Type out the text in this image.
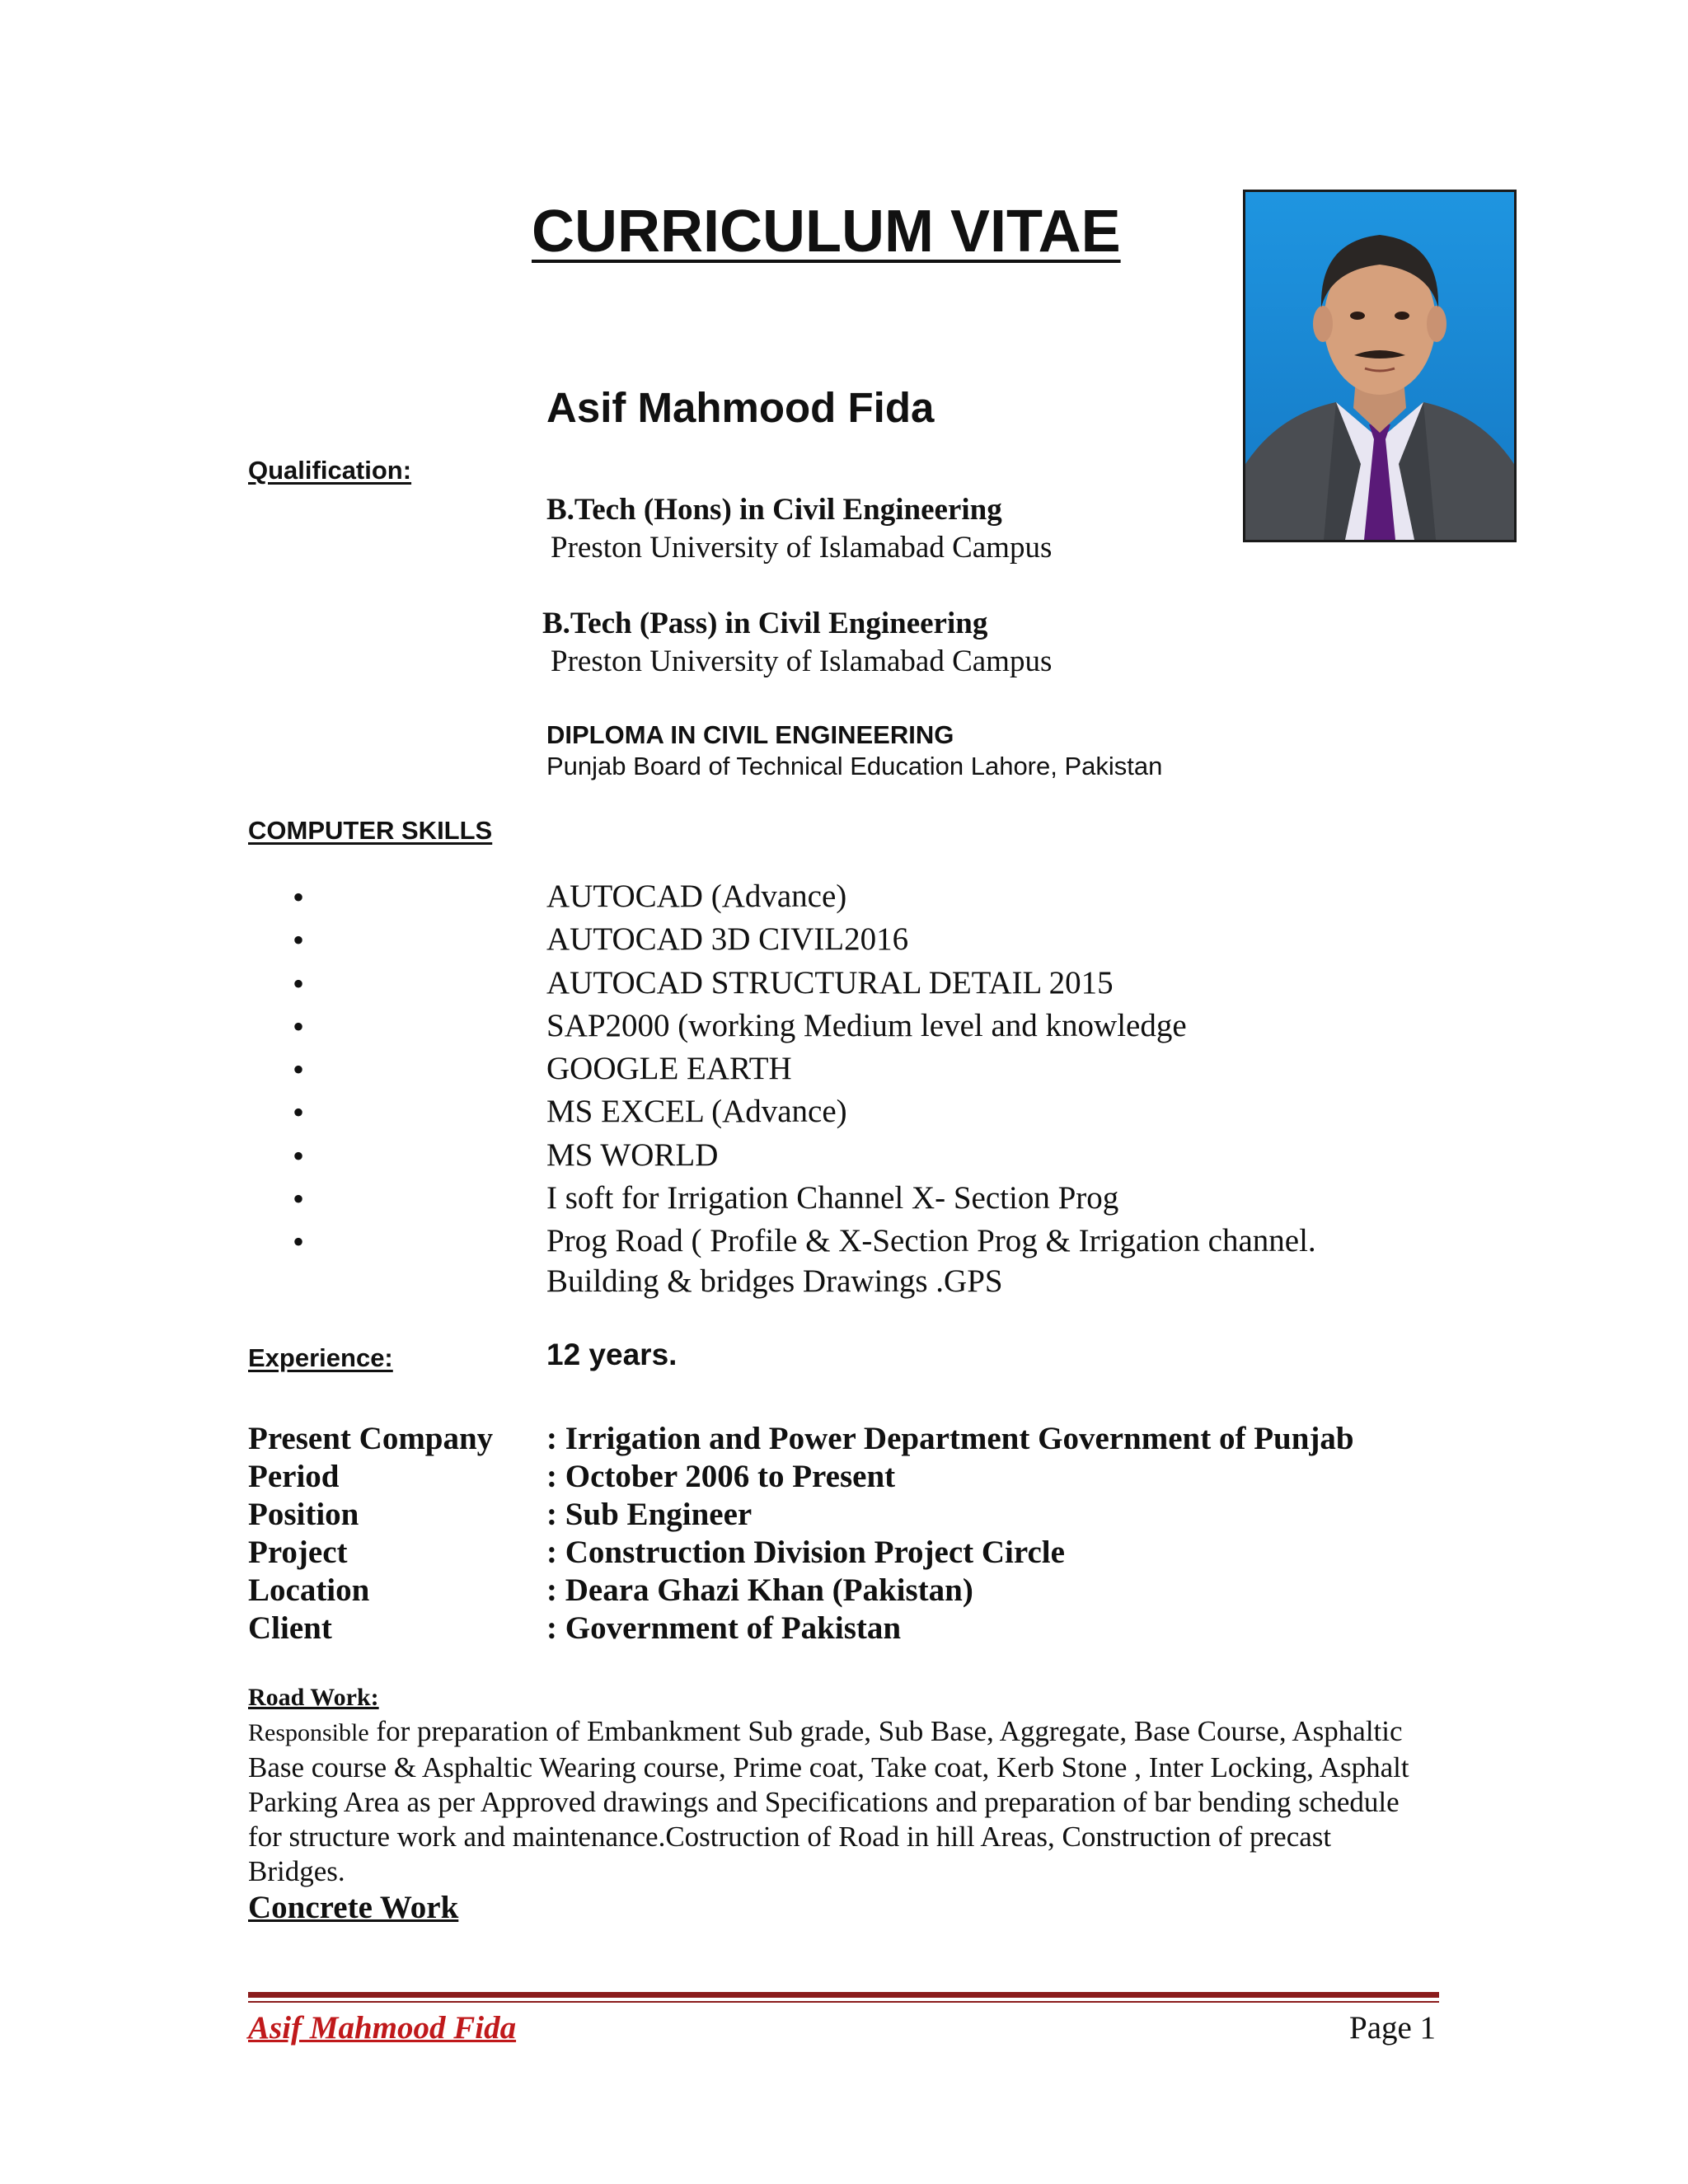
CURRICULUM VITAE
Asif Mahmood Fida
Qualification:
B.Tech (Hons) in Civil Engineering
Preston University of Islamabad Campus
B.Tech (Pass) in Civil Engineering
Preston University of Islamabad Campus
DIPLOMA IN CIVIL ENGINEERING
Punjab Board of Technical Education Lahore, Pakistan
COMPUTER SKILLS
•	AUTOCAD (Advance)
•	AUTOCAD 3D CIVIL2016
•	AUTOCAD STRUCTURAL DETAIL 2015
•	SAP2000 (working Medium level and knowledge
•	GOOGLE EARTH
•	MS EXCEL (Advance)
•	MS WORLD
•	I soft for Irrigation Channel X- Section Prog
•	Prog Road ( Profile & X-Section Prog & Irrigation channel.
Building & bridges Drawings .GPS
Experience:	12 years.
Present Company : Irrigation and Power Department Government of Punjab
Period	: October 2006 to Present
Position	: Sub Engineer
Project	: Construction Division Project Circle
Location	: Deara Ghazi Khan (Pakistan)
Client	: Government of Pakistan
Road Work:
Responsible for preparation of Embankment Sub grade, Sub Base, Aggregate, Base Course, Asphaltic Base course & Asphaltic Wearing course, Prime coat, Take coat, Kerb Stone , Inter Locking, Asphalt Parking Area as per Approved drawings and Specifications and preparation of bar bending schedule for structure work and maintenance.Costruction of Road in hill Areas, Construction of precast Bridges.
Concrete Work
Asif Mahmood Fida	Page 1
